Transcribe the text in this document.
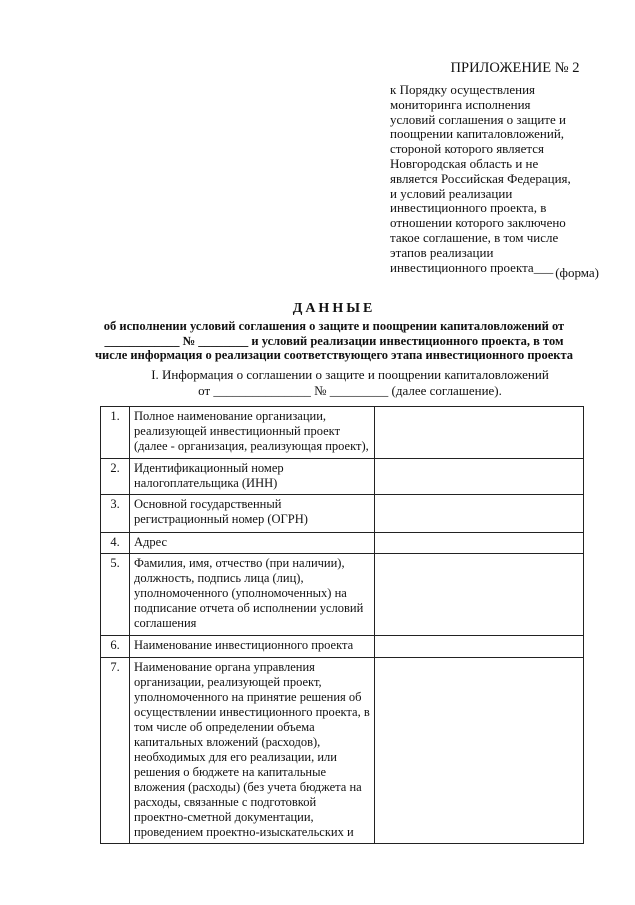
ПРИЛОЖЕНИЕ № 2
к Порядку осуществления
мониторинга исполнения
условий соглашения о защите и
поощрении капиталовложений,
стороной которого является
Новгородская область и не
является Российская Федерация,
и условий реализации
инвестиционного проекта, в
отношении которого заключено
такое соглашение, в том числе
этапов реализации
инвестиционного проекта___ (форма)
ДАННЫЕ
об исполнении условий соглашения о защите и поощрении капиталовложений от
____________ № ________ и условий реализации инвестиционного проекта, в том
числе информация о реализации соответствующего этапа инвестиционного проекта
I. Информация о соглашении о защите и поощрении капиталовложений
от _______________ № _________ (далее соглашение).
1.	Полное наименование организации, реализующей инвестиционный проект (далее - организация, реализующая проект),	
2.	Идентификационный номер налогоплательщика (ИНН)	
3.	Основной государственный регистрационный номер (ОГРН)	
4.	Адрес	
5.	Фамилия, имя, отчество (при наличии), должность, подпись лица (лиц), уполномоченного (уполномоченных) на подписание отчета об исполнении условий соглашения	
6.	Наименование инвестиционного проекта	
7.	Наименование органа управления организации, реализующей проект, уполномоченного на принятие решения об осуществлении инвестиционного проекта, в том числе об определении объема капитальных вложений (расходов), необходимых для его реализации, или решения о бюджете на капитальные вложения (расходы) (без учета бюджета на расходы, связанные с подготовкой проектно-сметной документации, проведением проектно-изыскательских и	
